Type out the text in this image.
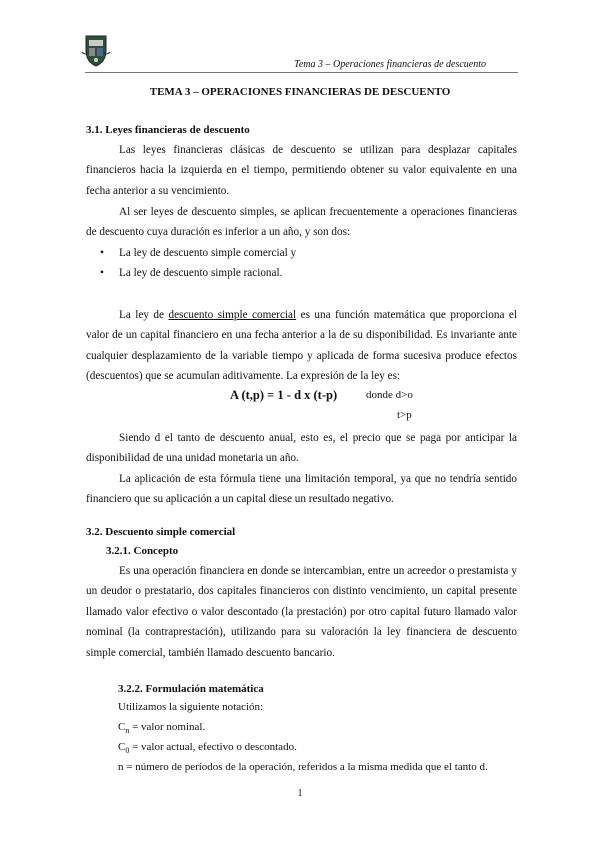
Tema 3 – Operaciones financieras de descuento
TEMA 3 – OPERACIONES FINANCIERAS DE DESCUENTO
3.1. Leyes financieras de descuento
Las leyes financieras clásicas de descuento se utilizan para desplazar capitales financieros hacia la izquierda en el tiempo, permitiendo obtener su valor equivalente en una fecha anterior a su vencimiento.
Al ser leyes de descuento simples, se aplican frecuentemente a operaciones financieras de descuento cuya duración es inferior a un año, y son dos:
• La ley de descuento simple comercial y
• La ley de descuento simple racional.
La ley de descuento simple comercial es una función matemática que proporciona el valor de un capital financiero en una fecha anterior a la de su disponibilidad. Es invariante ante cualquier desplazamiento de la variable tiempo y aplicada de forma sucesiva produce efectos (descuentos) que se acumulan aditivamente. La expresión de la ley es:
A (t,p) = 1 - d x (t-p)	donde d>o
t>p
Siendo d el tanto de descuento anual, esto es, el precio que se paga por anticipar la disponibilidad de una unidad monetaria un año.
La aplicación de esta fórmula tiene una limitación temporal, ya que no tendría sentido financiero que su aplicación a un capital diese un resultado negativo.
3.2. Descuento simple comercial
3.2.1. Concepto
Es una operación financiera en donde se intercambian, entre un acreedor o prestamista y un deudor o prestatario, dos capitales financieros con distinto vencimiento, un capital presente llamado valor efectivo o valor descontado (la prestación) por otro capital futuro llamado valor nominal (la contraprestación), utilizando para su valoración la ley financiera de descuento simple comercial, también llamado descuento bancario.
3.2.2. Formulación matemática
Utilizamos la siguiente notación:
$C_n$ = valor nominal.
$C_0$ = valor actual, efectivo o descontado.
n = número de períodos de la operación, referidos a la misma medida que el tanto d.
1
